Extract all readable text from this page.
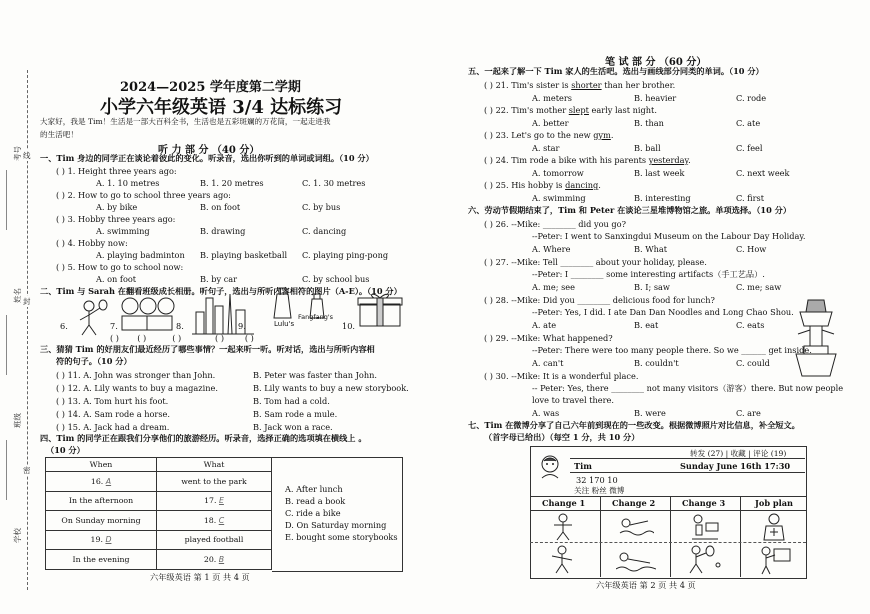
考号
姓名
班级
学校
线
封
密
2024—2025 学年度第二学期
小学六年级英语 3/4 达标练习
大家好，我是 Tim！生活是一部大百科全书，生活也是五彩斑斓的万花筒，一起走进我
的生活吧！
听 力 部 分 （40 分）
一、Tim 身边的同学正在谈论着彼此的变化。听录音，选出你听到的单词或词组。（10 分）
( ) 1. Height three years ago:
A. 1. 10 metres	B. 1. 20 metres	C. 1. 30 metres
( ) 2. How to go to school three years ago:
A. by bike	B. on foot	C. by bus
( ) 3. Hobby three years ago:
A. swimming	B. drawing	C. dancing
( ) 4. Hobby now:
A. playing badminton B. playing basketball C. playing ping-pong
( ) 5. How to go to school now:
A. on foot	B. by car	C. by school bus
二、Tim 与 Sarah 在翻看班级成长相册。听句子，选出与所听内容相符的图片（A-E）。（10 分）
6.	7.	8.	9.	10.
Lulu's
Fangfang's
( )       ( )          ( )             ( )        ( )
三、猜猜 Tim 的好朋友们最近经历了哪些事情？一起来听一听。听对话，选出与所听内容相
符的句子。（10 分）
( ) 11. A. John was stronger than John.	B. Peter was faster than John.
( ) 12. A. Lily wants to buy a magazine.	B. Lily wants to buy a new storybook.
( ) 13. A. Tom hurt his foot.	B. Tom had a cold.
( ) 14. A. Sam rode a horse.	B. Sam rode a mule.
( ) 15. A. Jack had a dream.	B. Jack won a race.
四、Tim 的同学正在跟我们分享他们的旅游经历。听录音，选择正确的选项填在横线上 。
（10 分）
When	What
16. A	went to the park
In the afternoon	17. E
On Sunday morning	18. C
19. D	played football
In the evening	20. B
A. After lunch
B. read a book
C. ride a bike
D. On Saturday morning
E. bought some storybooks
六年级英语 第 1 页 共 4 页
笔 试 部 分 （60 分）
五、一起来了解一下 Tim 家人的生活吧。选出与画线部分同类的单词。（10 分）
( ) 21. Tim's sister is shorter than her brother.
A. meters	B. heavier	C. rode
( ) 22. Tim's mother slept early last night.
A. better	B. than	C. ate
( ) 23. Let's go to the new gym.
A. star	B. ball	C. feel
( ) 24. Tim rode a bike with his parents yesterday.
A. tomorrow	B. last week	C. next week
( ) 25. His hobby is dancing.
A. swimming	B. interesting	C. first
六、劳动节假期结束了，Tim 和 Peter 在谈论三星堆博物馆之旅。单项选择。（10 分）
( ) 26. --Mike: ________ did you go?
--Peter: I went to Sanxingdui Museum on the Labour Day Holiday.
A. Where	B. What	C. How
( ) 27. --Mike: Tell ________ about your holiday, please.
--Peter: I ________ some interesting artifacts（手工艺品）.
A. me; see	B. I; saw	C. me; saw
( ) 28. --Mike: Did you ________ delicious food for lunch?
--Peter: Yes, I did. I ate Dan Dan Noodles and Long Chao Shou.
A. ate	B. eat	C. eats
( ) 29. --Mike: What happened?
--Peter: There were too many people there. So we ______ get inside.
A. can't	B. couldn't	C. could
( ) 30. --Mike: It is a wonderful place.
-- Peter: Yes, there ________ not many visitors（游客）there. But now people
love to travel there.
A. was	B. were	C. are
七、Tim 在微博分享了自己六年前到现在的一些改变。根据微博照片对比信息，补全短文。
（首字母已给出）（每空 1 分，共 10 分）
转发 (27) | 收藏 | 评论 (19)
Tim	Sunday June 16th 17:30
32 170 10
关注 粉丝 微博
Change 1	Change 2	Change 3	Job plan
六年级英语 第 2 页 共 4 页
